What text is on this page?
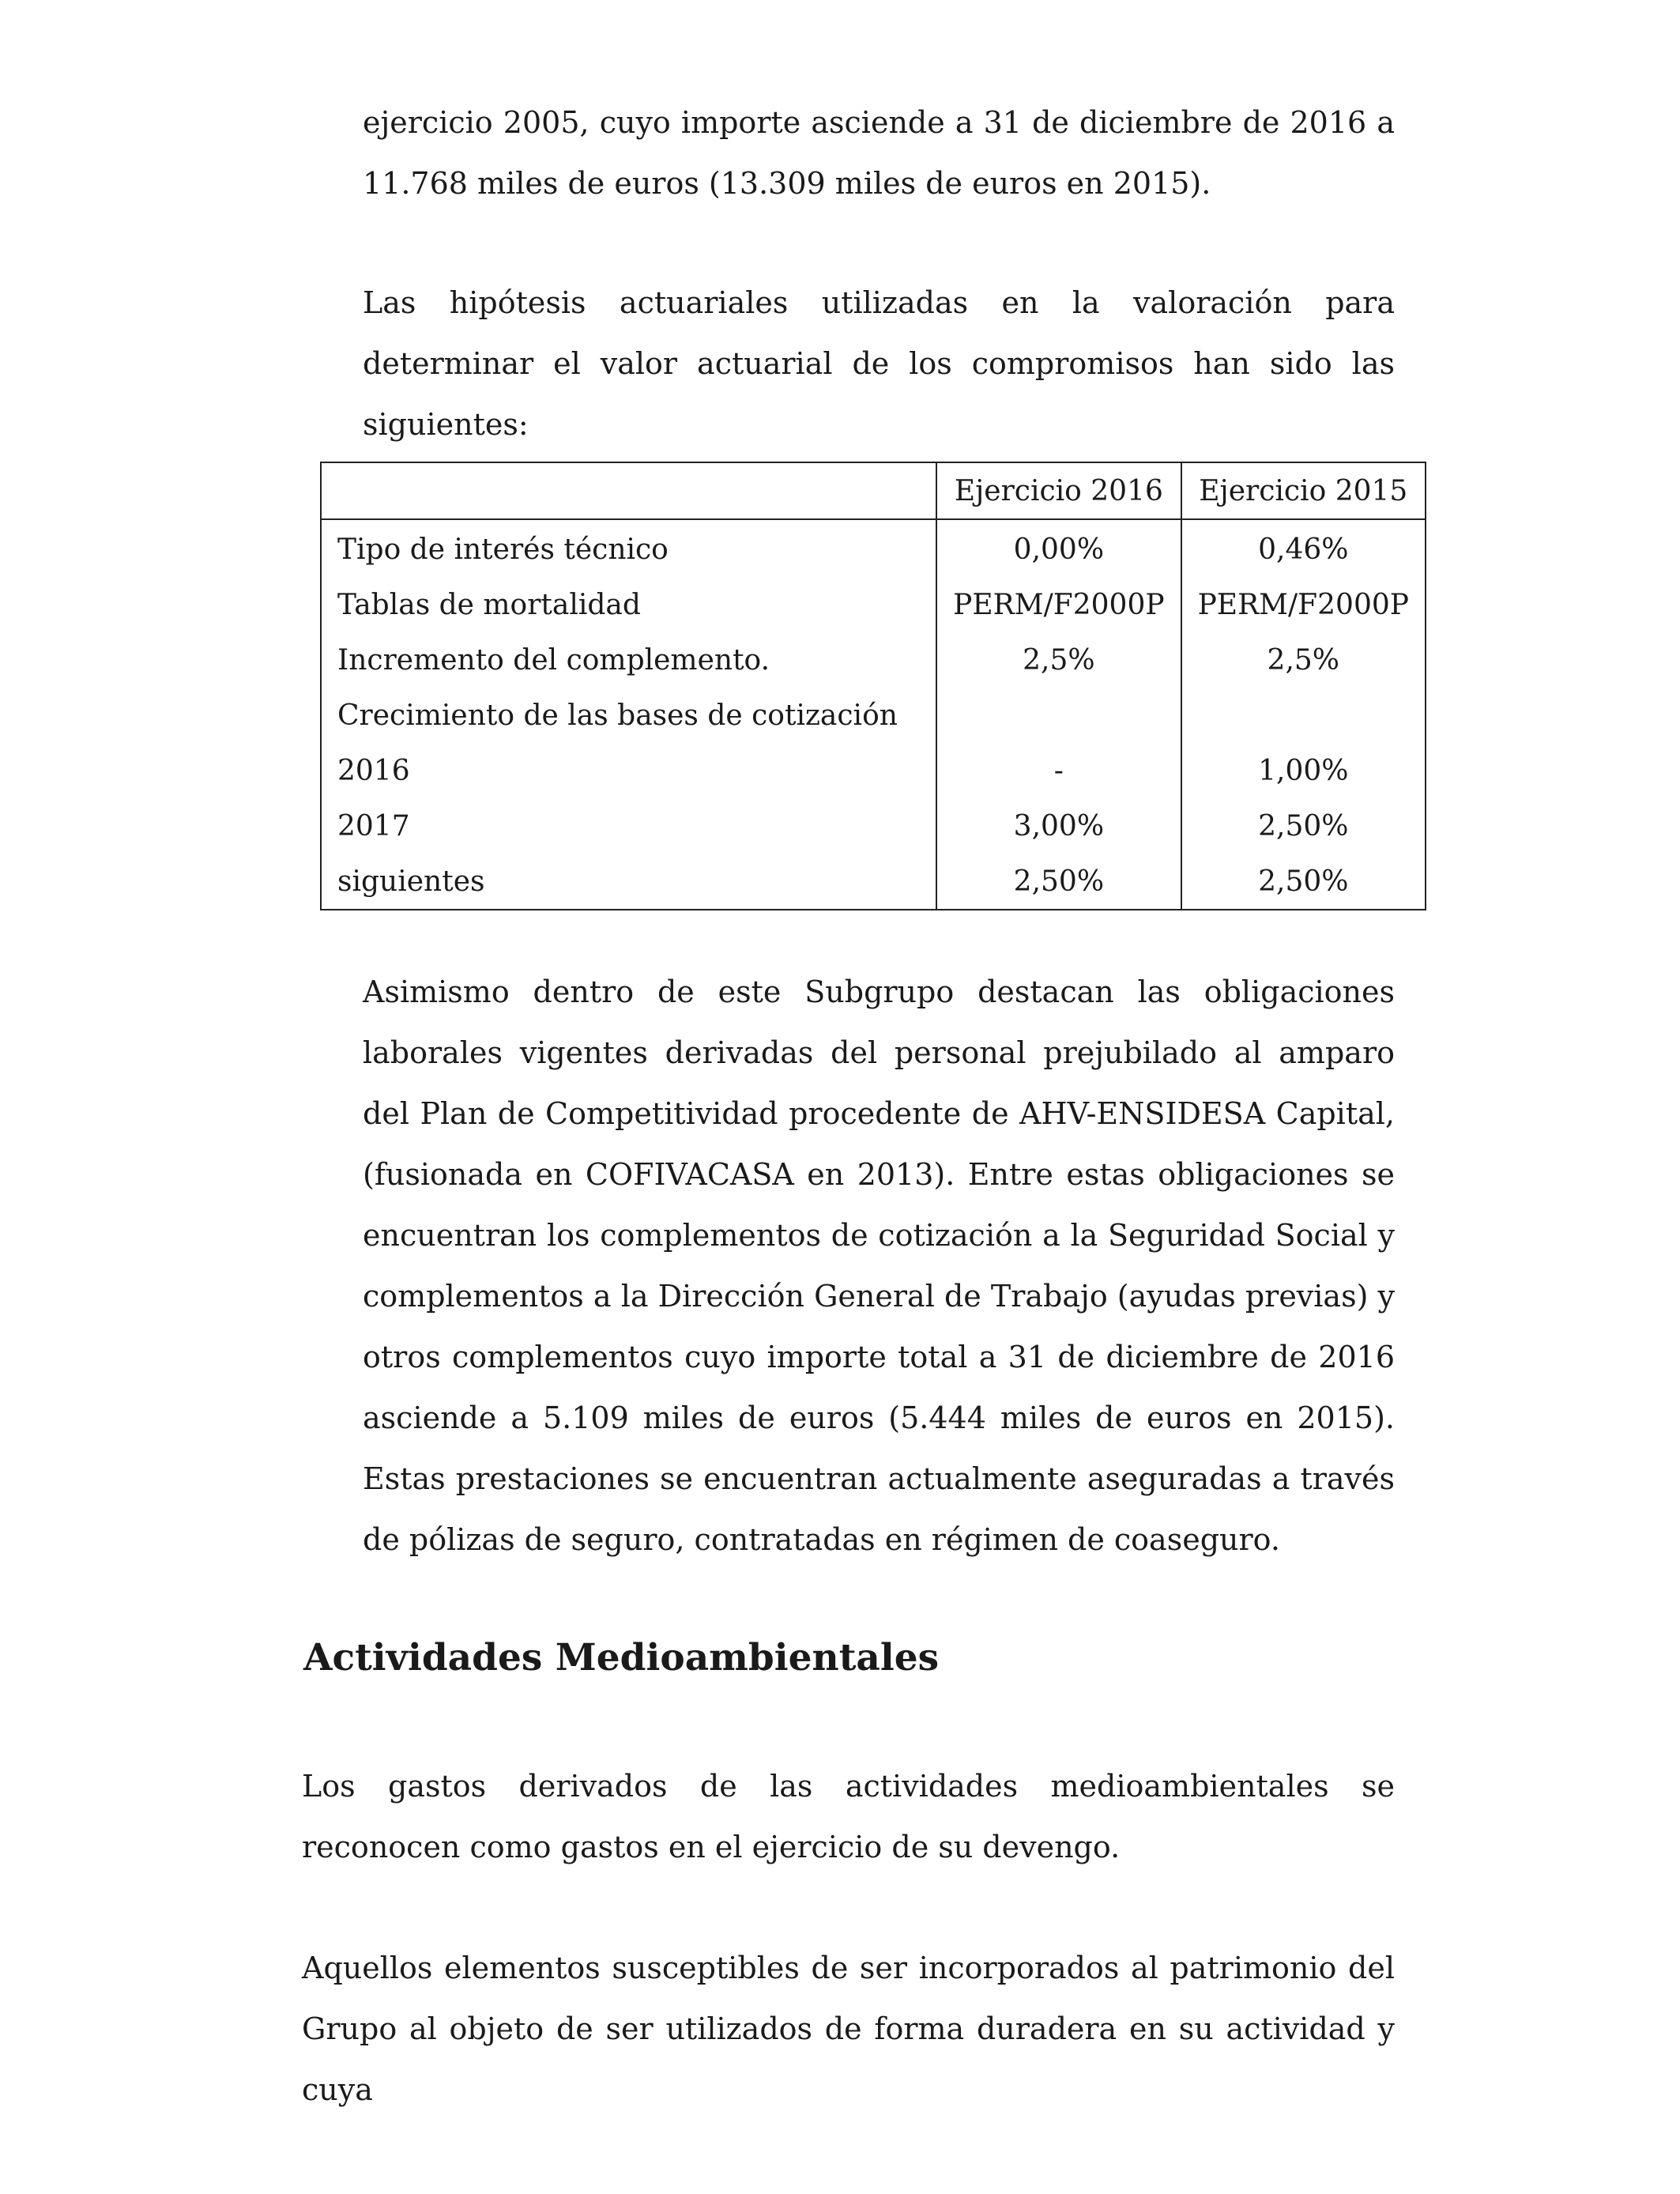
ejercicio 2005, cuyo importe asciende a 31 de diciembre de 2016 a 11.768 miles de euros (13.309 miles de euros en 2015).

Las hipótesis actuariales utilizadas en la valoración para determinar el valor actuarial de los compromisos han sido las siguientes:

	Ejercicio 2016	Ejercicio 2015
Tipo de interés técnico	0,00%	0,46%
Tablas de mortalidad	PERM/F2000P	PERM/F2000P
Incremento del complemento.	2,5%	2,5%
Crecimiento de las bases de cotización		
2016	-	1,00%
2017	3,00%	2,50%
siguientes	2,50%	2,50%

Asimismo dentro de este Subgrupo destacan las obligaciones laborales vigentes derivadas del personal prejubilado al amparo del Plan de Competitividad procedente de AHV-ENSIDESA Capital, (fusionada en COFIVACASA en 2013). Entre estas obligaciones se encuentran los complementos de cotización a la Seguridad Social y complementos a la Dirección General de Trabajo (ayudas previas) y otros complementos cuyo importe total a 31 de diciembre de 2016 asciende a 5.109 miles de euros (5.444 miles de euros en 2015). Estas prestaciones se encuentran actualmente aseguradas a través de pólizas de seguro, contratadas en régimen de coaseguro.

Actividades Medioambientales

Los gastos derivados de las actividades medioambientales se reconocen como gastos en el ejercicio de su devengo.

Aquellos elementos susceptibles de ser incorporados al patrimonio del Grupo al objeto de ser utilizados de forma duradera en su actividad y cuya
